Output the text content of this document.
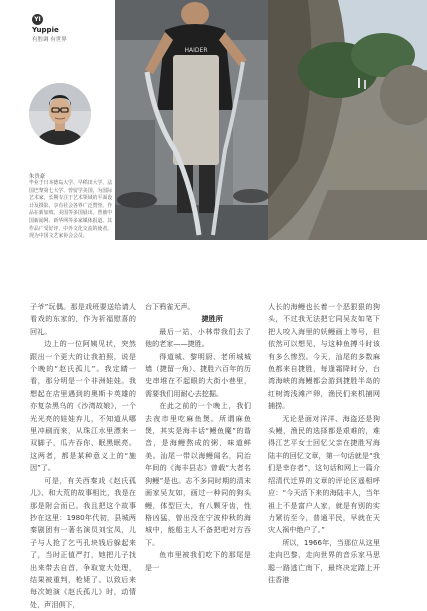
YI
Yuppie
有腔调 有世界
朱贵豪
毕业于日本德岛大学、早稻田大学，法国巴黎第七大学、曾留学美国，为国际艺术家，长期专注于艺术领域的平面设计及摄影，享有社会各界广泛赞誉。作品在新加坡、美国等多国展出。曾被中国新闻网、新华网等多家媒体报道。其作品广受好评，中外文化交流的使者。现为中国文艺家协会会员。
HAIDER

子爷”玩偶。那是戏班要送给请人看戏的东家的，作为祈福慰喜的回礼。

边上的一位阿姨见状，突然跟出一个更大的让我拍照，说是个晚的“赵氏孤儿”。我定睛一看，那分明是一个非洲娃娃。我想起在店里遇到的奥斯卡英雄的亦复杂黑乌的《沙湾故娘》，一个光光亮的娃娃弃儿，不知道从哪里冲刷而来，从珠江水里漂来一双脚子，瓜卉吞你、眠黑眠亮。这两者，都是某种意义上的“施因”了。

可是，有关西秦戏《赵氏孤儿》、和大荒的故事相比，我是在那是附会而已。我且把这个故事抄在这里：1980年代初，县城两秦剧团有一著名演员刘宝凤，儿子与人抢了乞丐孔块钱后躲起来了，当时正值严打，她把儿子找出来带去自首，争取宽大处理，结果被重判，枪毙了。以致后来每次她演《赵氏孤儿》时，动情处，声泪俱下，

台下鸦雀无声。

捷胜所

最后一站，小林带我们去了他的老家——捷胜。

得道城、黎明厨、老所城城墙（捷留一角）、捷胜六百年的历史串堆在不起眼的大街小巷里，需要我们用耐心去挖掘。

在此之前的一个晚上，我们去夜市里吃麻鱼煲。所谓麻鱼煲，其实是海丰话“鳗鱼魔”的谐音，是海鳗熬成的粥，味道鲜美。汕尾一带以海鳗闻名，同治年间的《海丰县志》曾载“大者名狗鳗”是也。志不多同时期的清末画家吴友如，画过一种同的狗头鳗，体型巨大，有八颗牙齿，性格凶猛，曾出没在宁波仲秋的海城中，能船主人不备把吧对方吞下。

鱼市里被我们吃下的那尾是是一

人长的海鳗也长着一个恶狠狠的狗头，不过我无法把它同吴友如笔下把人咬入海里的妖鳗画上等号，但依然可以想见，与这种鱼搏斗时该有多么惨烈。今天，汕尾的多数麻鱼都来自捷胜，每逢霜降时分，台湾海峡的海鳗都会游到捷胜半岛的红树湾浅滩产卵，渔民们来机捕网捕捞。

无论是面对洋洋、海盗还是狗头鳗，渔民的选择都是艰难的，难得江艺平女士回忆父亲在捷胜写海陆丰的回忆文章，第一句话就是“我们是幸存者”，这句话和网上一篇介绍清代迁界的文章的评论区遥相呼应：“今天活下来的海陆丰人，当年祖上不是富户人家，就是有别的实力紧彷至今，普通平民，早就在天灾人祸中绝户了。”

所以，1966年，当那位从这里走向巴黎，走向世界的音乐家马思聪一路逃亡南下，最终决定踏上开往香港
